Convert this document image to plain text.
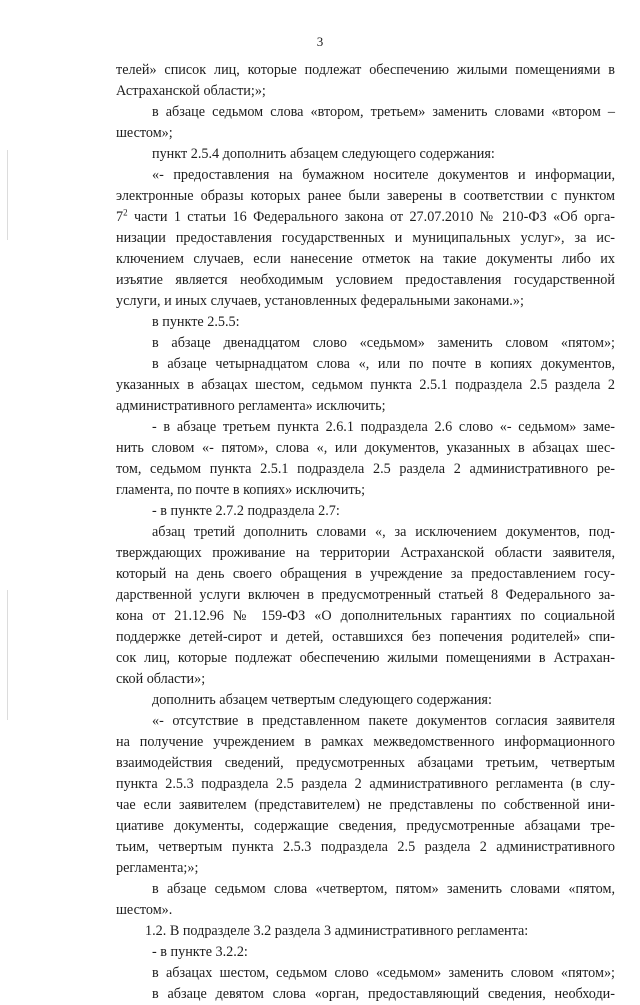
3
телей» список лиц, которые подлежат обеспечению жилыми помещениями в
Астраханской области;»;
в абзаце седьмом слова «втором, третьем» заменить словами «втором –
шестом»;
пункт 2.5.4 дополнить абзацем следующего содержания:
«- предоставления на бумажном носителе документов и информации,
электронные образы которых ранее были заверены в соответствии с пунктом
$7^2$ части 1 статьи 16 Федерального закона от 27.07.2010 № 210-ФЗ «Об орга-
низации предоставления государственных и муниципальных услуг», за ис-
ключением случаев, если нанесение отметок на такие документы либо их
изъятие является необходимым условием предоставления государственной
услуги, и иных случаев, установленных федеральными законами.»;
в пункте 2.5.5:
в абзаце двенадцатом слово «седьмом» заменить словом «пятом»;
в абзаце четырнадцатом слова «, или по почте в копиях документов,
указанных в абзацах шестом, седьмом пункта 2.5.1 подраздела 2.5 раздела 2
административного регламента» исключить;
- в абзаце третьем пункта 2.6.1 подраздела 2.6 слово «- седьмом» заме-
нить словом «- пятом», слова «, или документов, указанных в абзацах шес-
том, седьмом пункта 2.5.1 подраздела 2.5 раздела 2 административного ре-
гламента, по почте в копиях» исключить;
- в пункте 2.7.2 подраздела 2.7:
абзац третий дополнить словами «, за исключением документов, под-
тверждающих проживание на территории Астраханской области заявителя,
который на день своего обращения в учреждение за предоставлением госу-
дарственной услуги включен в предусмотренный статьей 8 Федерального за-
кона от 21.12.96 № 159-ФЗ «О дополнительных гарантиях по социальной
поддержке детей-сирот и детей, оставшихся без попечения родителей» спи-
сок лиц, которые подлежат обеспечению жилыми помещениями в Астрахан-
ской области»;
дополнить абзацем четвертым следующего содержания:
«- отсутствие в представленном пакете документов согласия заявителя
на получение учреждением в рамках межведомственного информационного
взаимодействия сведений, предусмотренных абзацами третьим, четвертым
пункта 2.5.3 подраздела 2.5 раздела 2 административного регламента (в слу-
чае если заявителем (представителем) не представлены по собственной ини-
циативе документы, содержащие сведения, предусмотренные абзацами тре-
тьим, четвертым пункта 2.5.3 подраздела 2.5 раздела 2 административного
регламента;»;
в абзаце седьмом слова «четвертом, пятом» заменить словами «пятом,
шестом».
1.2. В подразделе 3.2 раздела 3 административного регламента:
- в пункте 3.2.2:
в абзацах шестом, седьмом слово «седьмом» заменить словом «пятом»;
в абзаце девятом слова «орган, предоставляющий сведения, необходи-
